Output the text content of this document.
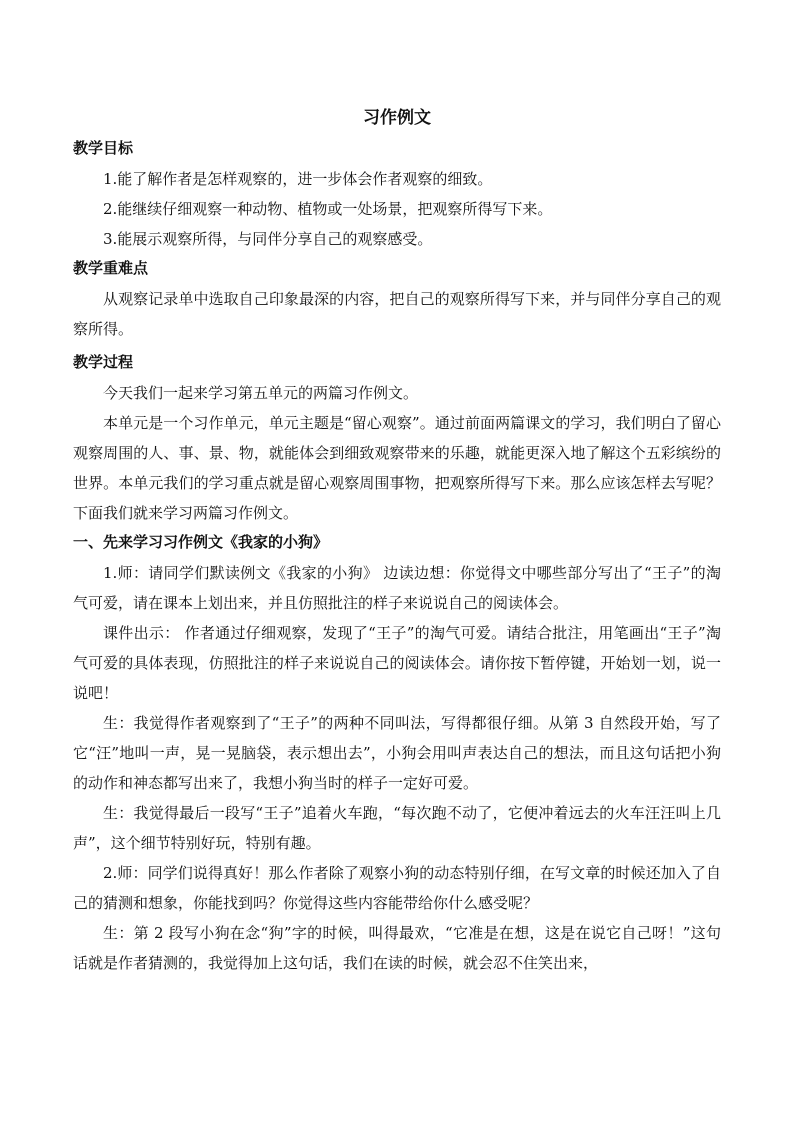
习作例文
教学目标

1.能了解作者是怎样观察的，进一步体会作者观察的细致。

2.能继续仔细观察一种动物、植物或一处场景，把观察所得写下来。

3.能展示观察所得，与同伴分享自己的观察感受。

教学重难点

从观察记录单中选取自己印象最深的内容，把自己的观察所得写下来，并与同伴分享自己的观察所得。

教学过程

今天我们一起来学习第五单元的两篇习作例文。

本单元是一个习作单元，单元主题是“留心观察”。通过前面两篇课文的学习，我们明白了留心观察周围的人、事、景、物，就能体会到细致观察带来的乐趣，就能更深入地了解这个五彩缤纷的世界。本单元我们的学习重点就是留心观察周围事物，把观察所得写下来。那么应该怎样去写呢？下面我们就来学习两篇习作例文。

一、先来学习习作例文《我家的小狗》

1.师：请同学们默读例文《我家的小狗》 边读边想：你觉得文中哪些部分写出了“王子”的淘气可爱，请在课本上划出来，并且仿照批注的样子来说说自己的阅读体会。

课件出示： 作者通过仔细观察，发现了“王子”的淘气可爱。请结合批注，用笔画出“王子”淘气可爱的具体表现，仿照批注的样子来说说自己的阅读体会。请你按下暂停键，开始划一划，说一说吧！

生：我觉得作者观察到了“王子”的两种不同叫法，写得都很仔细。从第 3 自然段开始，写了它“汪”地叫一声，晃一晃脑袋，表示想出去”，小狗会用叫声表达自己的想法，而且这句话把小狗的动作和神态都写出来了，我想小狗当时的样子一定好可爱。

生：我觉得最后一段写“王子”追着火车跑，“每次跑不动了，它便冲着远去的火车汪汪叫上几声”，这个细节特别好玩，特别有趣。

2.师：同学们说得真好！那么作者除了观察小狗的动态特别仔细，在写文章的时候还加入了自己的猜测和想象，你能找到吗？你觉得这些内容能带给你什么感受呢？

生：第 2 段写小狗在念“狗”字的时候，叫得最欢，“它准是在想，这是在说它自己呀！”这句话就是作者猜测的，我觉得加上这句话，我们在读的时候，就会忍不住笑出来，
